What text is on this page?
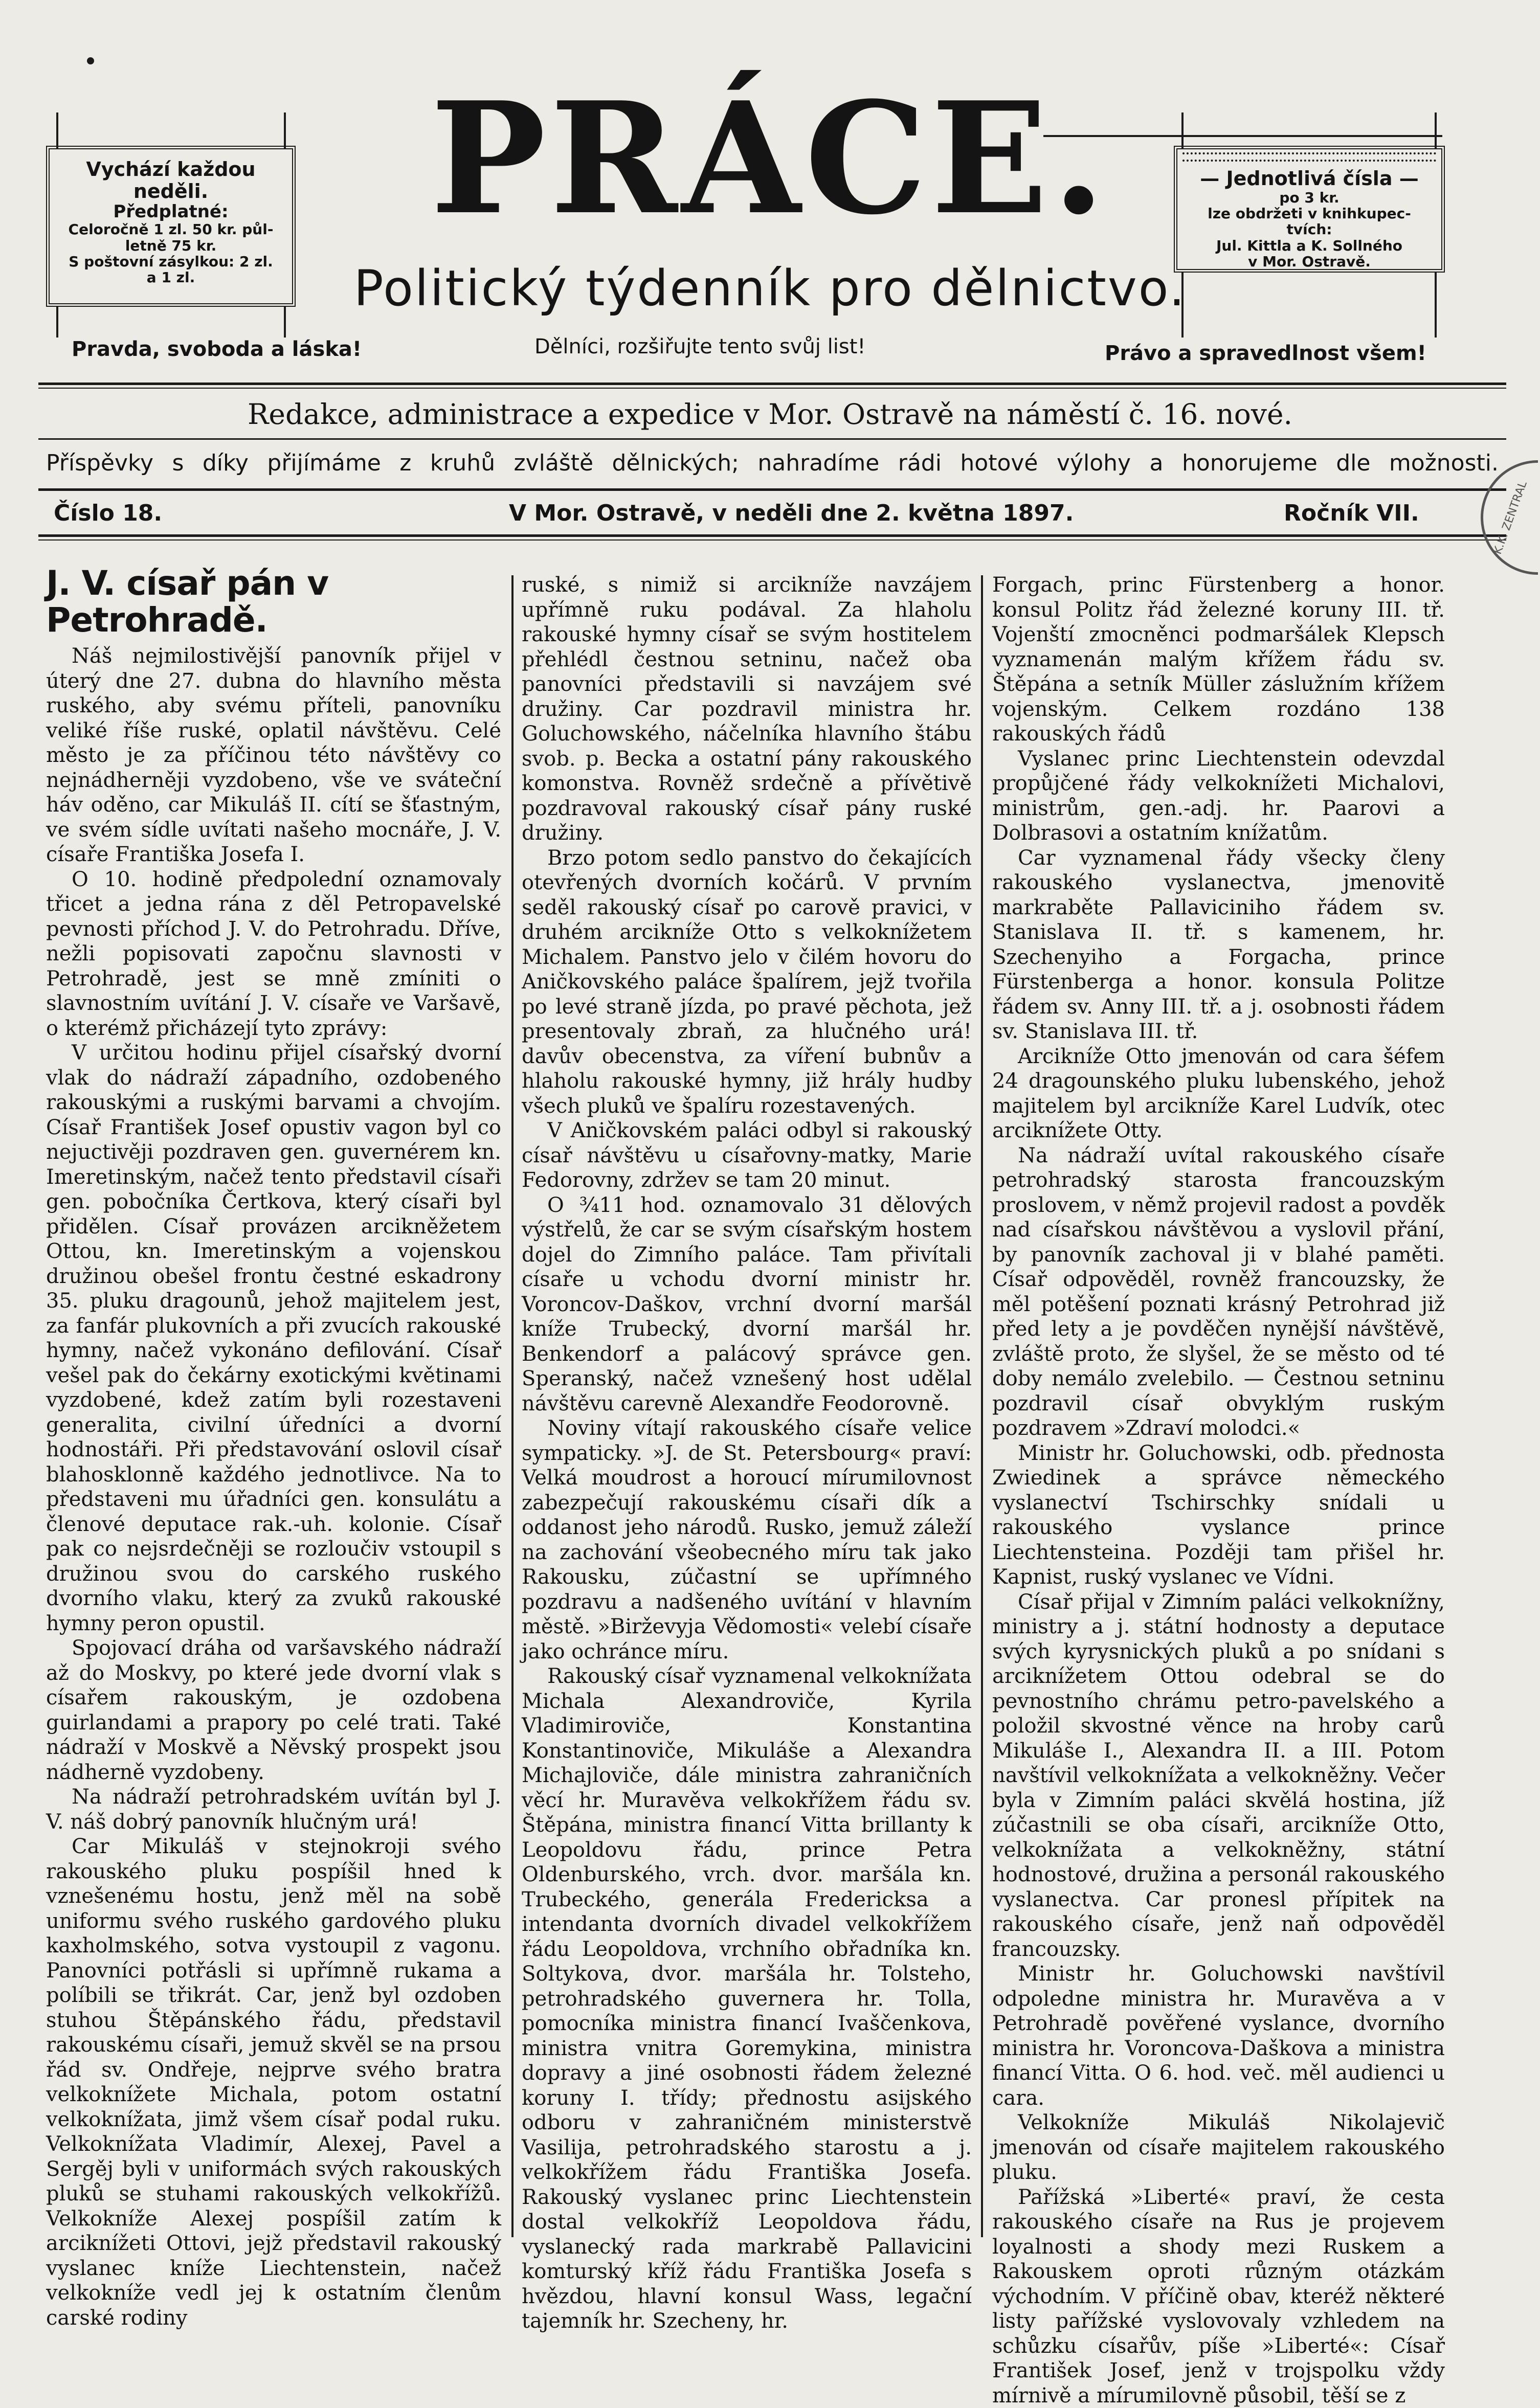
Vychází každou neděli.
Předplatné:
Celoročně 1 zl. 50 kr. půl-
letně 75 kr.
S poštovní zásylkou: 2 zl.
a 1 zl.
— Jednotlivá čísla —
po 3 kr.
lze obdržeti v knihkupec-
tvích:
Jul. Kittla a K. Sollného
v Mor. Ostravě.
PRÁCE.
Politický týdenník pro dělnictvo.
Pravda, svoboda a láska!	Dělníci, rozšiřujte tento svůj list!	Právo a spravedlnost všem!
Redakce, administrace a expedice v Mor. Ostravě na náměstí č. 16. nové.
Příspěvky s díky přijímáme z kruhů zvláště dělnických; nahradíme rádi hotové výlohy a honorujeme dle možnosti.
Číslo 18.	V Mor. Ostravě, v neděli dne 2. května 1897.	Ročník VII.	K.K. ZENTRAL
J. V. císař pán v Petrohradě.

Náš nejmilostivější panovník přijel v úterý dne 27. dubna do hlavního města ruského, aby svému příteli, panovníku veliké říše ruské, oplatil návštěvu. Celé město je za příčinou této návštěvy co nejnádherněji vyzdobeno, vše ve sváteční háv oděno, car Mikuláš II. cítí se šťastným, ve svém sídle uvítati našeho mocnáře, J. V. císaře Františka Josefa I.

O 10. hodině předpolední oznamovaly třicet a jedna rána z děl Petropavelské pevnosti příchod J. V. do Petrohradu. Dříve, nežli popisovati započnu slavnosti v Petrohradě, jest se mně zmíniti o slavnostním uvítání J. V. císaře ve Varšavě, o kterémž přicházejí tyto zprávy:

V určitou hodinu přijel císařský dvorní vlak do nádraží západního, ozdobeného rakouskými a ruskými barvami a chvojím. Císař František Josef opustiv vagon byl co nejuctivěji pozdraven gen. guvernérem kn. Imeretinským, načež tento představil císaři gen. pobočníka Čertkova, který císaři byl přidělen. Císař provázen arcikněžetem Ottou, kn. Imeretinským a vojenskou družinou obešel frontu čestné eskadrony 35. pluku dragounů, jehož majitelem jest, za fanfár plukovních a při zvucích rakouské hymny, načež vykonáno defilování. Císař vešel pak do čekárny exotickými květinami vyzdobené, kdež zatím byli rozestaveni generalita, civilní úředníci a dvorní hodnostáři. Při představování oslovil císař blahosklonně každého jednotlivce. Na to představeni mu úřadníci gen. konsulátu a členové deputace rak.-uh. kolonie. Císař pak co nejsrdečněji se rozloučiv vstoupil s družinou svou do carského ruského dvorního vlaku, který za zvuků rakouské hymny peron opustil.

Spojovací dráha od varšavského nádraží až do Moskvy, po které jede dvorní vlak s císařem rakouským, je ozdobena guirlandami a prapory po celé trati. Také nádraží v Moskvě a Něvský prospekt jsou nádherně vyzdobeny.

Na nádraží petrohradském uvítán byl J. V. náš dobrý panovník hlučným urá!

Car Mikuláš v stejnokroji svého rakouského pluku pospíšil hned k vznešenému hostu, jenž měl na sobě uniformu svého ruského gardového pluku kaxholmského, sotva vystoupil z vagonu. Panovníci potřásli si upřímně rukama a políbili se třikrát. Car, jenž byl ozdoben stuhou Štěpánského řádu, představil rakouskému císaři, jemuž skvěl se na prsou řád sv. Ondřeje, nejprve svého bratra velkoknížete Michala, potom ostatní velkoknížata, jimž všem císař podal ruku. Velkoknížata Vladimír, Alexej, Pavel a Sergěj byli v uniformách svých rakouských pluků se stuhami rakouských velkokřížů. Velkokníže Alexej pospíšil zatím k arciknížeti Ottovi, jejž představil rakouský vyslanec kníže Liechtenstein, načež velkokníže vedl jej k ostatním členům carské rodiny

ruské, s nimiž si arcikníže navzájem upřímně ruku podával. Za hlaholu rakouské hymny císař se svým hostitelem přehlédl čestnou setninu, načež oba panovníci představili si navzájem své družiny. Car pozdravil ministra hr. Goluchowského, náčelníka hlavního štábu svob. p. Becka a ostatní pány rakouského komonstva. Rovněž srdečně a přívětivě pozdravoval rakouský císař pány ruské družiny.

Brzo potom sedlo panstvo do čekajících otevřených dvorních kočárů. V prvním seděl rakouský císař po carově pravici, v druhém arcikníže Otto s velkoknížetem Michalem. Panstvo jelo v čilém hovoru do Aničkovského paláce špalírem, jejž tvořila po levé straně jízda, po pravé pěchota, jež presentovaly zbraň, za hlučného urá! davův obecenstva, za víření bubnův a hlaholu rakouské hymny, již hrály hudby všech pluků ve špalíru rozestavených.

V Aničkovském paláci odbyl si rakouský císař návštěvu u císařovny-matky, Marie Fedorovny, zdržev se tam 20 minut.

O ¾11 hod. oznamovalo 31 dělových výstřelů, že car se svým císařským hostem dojel do Zimního paláce. Tam přivítali císaře u vchodu dvorní ministr hr. Voroncov-Daškov, vrchní dvorní maršál kníže Trubecký, dvorní maršál hr. Benkendorf a palácový správce gen. Speranský, načež vznešený host udělal návštěvu carevně Alexandře Feodorovně.

Noviny vítají rakouského císaře velice sympaticky. »J. de St. Petersbourg« praví: Velká moudrost a horoucí mírumilovnost zabezpečují rakouskému císaři dík a oddanost jeho národů. Rusko, jemuž záleží na zachování všeobecného míru tak jako Rakousku, zúčastní se upřímného pozdravu a nadšeného uvítání v hlavním městě. »Birževyja Vědomosti« velebí císaře jako ochránce míru.

Rakouský císař vyznamenal velkoknížata Michala Alexandroviče, Kyrila Vladimiroviče, Konstantina Konstantinoviče, Mikuláše a Alexandra Michajloviče, dále ministra zahraničních věcí hr. Muravěva velkokřížem řádu sv. Štěpána, ministra financí Vitta brillanty k Leopoldovu řádu, prince Petra Oldenburského, vrch. dvor. maršála kn. Trubeckého, generála Fredericksa a intendanta dvorních divadel velkokřížem řádu Leopoldova, vrchního obřadníka kn. Soltykova, dvor. maršála hr. Tolsteho, petrohradského guvernera hr. Tolla, pomocníka ministra financí Ivaščenkova, ministra vnitra Goremykina, ministra dopravy a jiné osobnosti řádem železné koruny I. třídy; přednostu asijského odboru v zahraničném ministerstvě Vasilija, petrohradského starostu a j. velkokřížem řádu Františka Josefa. Rakouský vyslanec princ Liechtenstein dostal velkokříž Leopoldova řádu, vyslanecký rada markrabě Pallavicini komturský kříž řádu Františka Josefa s hvězdou, hlavní konsul Wass, legační tajemník hr. Szecheny, hr.

Forgach, princ Fürstenberg a honor. konsul Politz řád železné koruny III. tř. Vojenští zmocněnci podmaršálek Klepsch vyznamenán malým křížem řádu sv. Štěpána a setník Müller záslužním křížem vojenským. Celkem rozdáno 138 rakouských řádů

Vyslanec princ Liechtenstein odevzdal propůjčené řády velkoknížeti Michalovi, ministrům, gen.-adj. hr. Paarovi a Dolbrasovi a ostatním knížatům.

Car vyznamenal řády všecky členy rakouského vyslanectva, jmenovitě markraběte Pallaviciniho řádem sv. Stanislava II. tř. s kamenem, hr. Szechenyiho a Forgacha, prince Fürstenberga a honor. konsula Politze řádem sv. Anny III. tř. a j. osobnosti řádem sv. Stanislava III. tř.

Arcikníže Otto jmenován od cara šéfem 24 dragounského pluku lubenského, jehož majitelem byl arcikníže Karel Ludvík, otec arciknížete Otty.

Na nádraží uvítal rakouského císaře petrohradský starosta francouzským proslovem, v němž projevil radost a povděk nad císařskou návštěvou a vyslovil přání, by panovník zachoval ji v blahé paměti. Císař odpověděl, rovněž francouzsky, že měl potěšení poznati krásný Petrohrad již před lety a je povděčen nynější návštěvě, zvláště proto, že slyšel, že se město od té doby nemálo zvelebilo. — Čestnou setninu pozdravil císař obvyklým ruským pozdravem »Zdraví molodci.«

Ministr hr. Goluchowski, odb. přednosta Zwiedinek a správce německého vyslanectví Tschirschky snídali u rakouského vyslance prince Liechtensteina. Později tam přišel hr. Kapnist, ruský vyslanec ve Vídni.

Císař přijal v Zimním paláci velkoknížny, ministry a j. státní hodnosty a deputace svých kyrysnických pluků a po snídani s arciknížetem Ottou odebral se do pevnostního chrámu petro-pavelského a položil skvostné věnce na hroby carů Mikuláše I., Alexandra II. a III. Potom navštívil velkoknížata a velkokněžny. Večer byla v Zimním paláci skvělá hostina, jíž zúčastnili se oba císaři, arcikníže Otto, velkoknížata a velkokněžny, státní hodnostové, družina a personál rakouského vyslanectva. Car pronesl přípitek na rakouského císaře, jenž naň odpověděl francouzsky.

Ministr hr. Goluchowski navštívil odpoledne ministra hr. Muravěva a v Petrohradě pověřené vyslance, dvorního ministra hr. Voroncova-Daškova a ministra financí Vitta. O 6. hod. več. měl audienci u cara.

Velkokníže Mikuláš Nikolajevič jmenován od císaře majitelem rakouského pluku.

Pařížská »Liberté« praví, že cesta rakouského císaře na Rus je projevem loyalnosti a shody mezi Ruskem a Rakouskem oproti různým otázkám východním. V příčině obav, kteréž některé listy pařížské vyslovovaly vzhledem na schůzku císařův, píše »Liberté«: Císař František Josef, jenž v trojspolku vždy mírnivě a mírumilovně působil, těší se z
